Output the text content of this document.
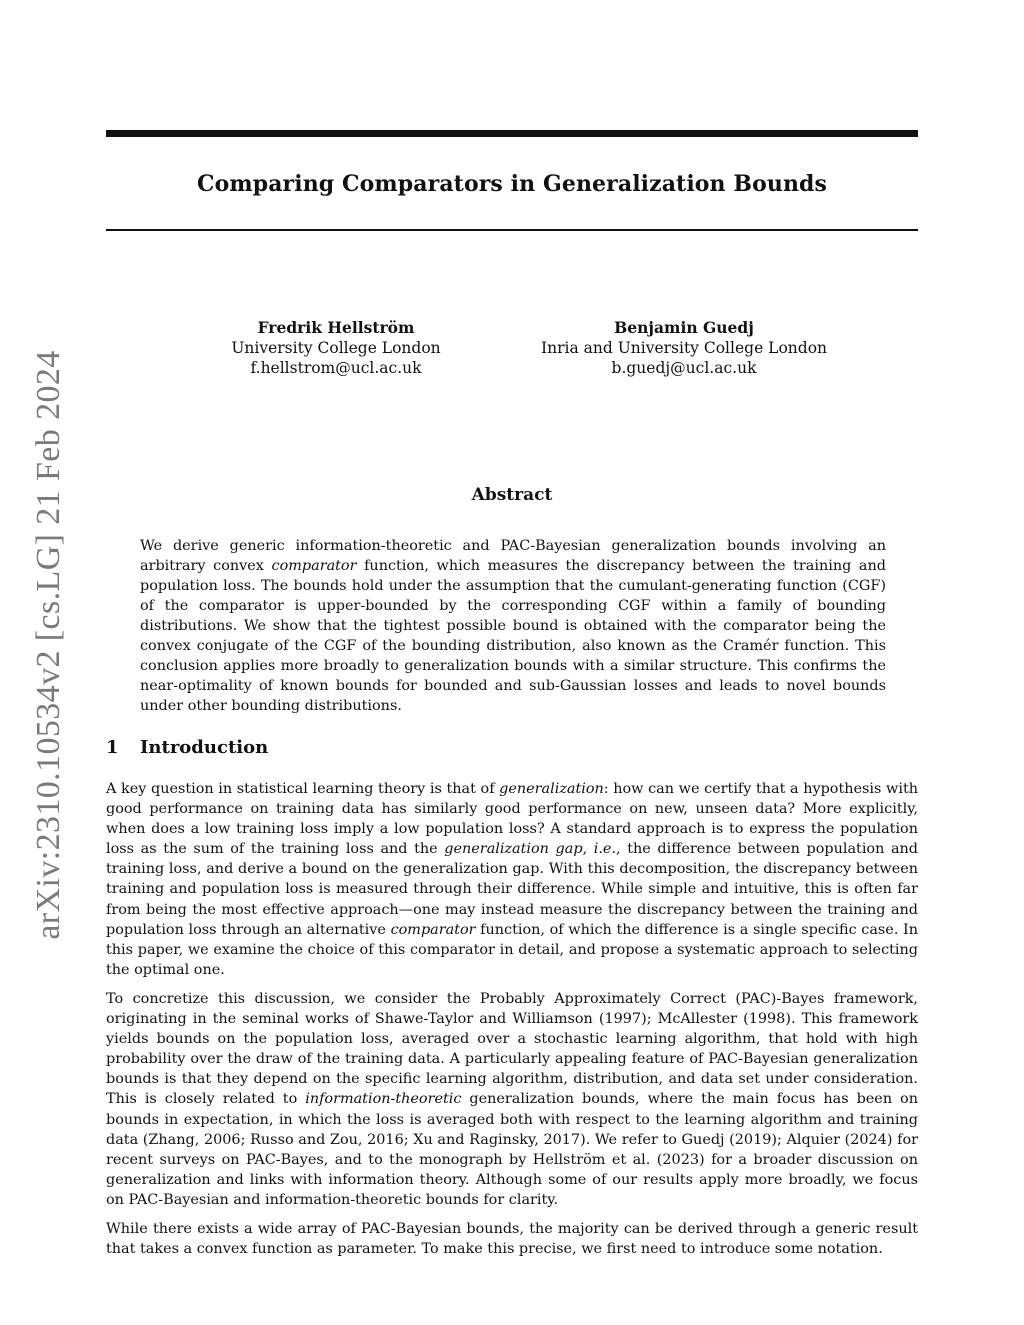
arXiv:2310.10534v2 [cs.LG] 21 Feb 2024
Comparing Comparators in Generalization Bounds
Fredrik Hellström
University College London
f.hellstrom@ucl.ac.uk
Benjamin Guedj
Inria and University College London
b.guedj@ucl.ac.uk
Abstract

We derive generic information-theoretic and PAC-Bayesian generalization bounds involving an arbitrary convex comparator function, which measures the discrepancy between the training and population loss. The bounds hold under the assumption that the cumulant-generating function (CGF) of the comparator is upper-bounded by the corresponding CGF within a family of bounding distributions. We show that the tightest possible bound is obtained with the comparator being the convex conjugate of the CGF of the bounding distribution, also known as the Cramér function. This conclusion applies more broadly to generalization bounds with a similar structure. This confirms the near-optimality of known bounds for bounded and sub-Gaussian losses and leads to novel bounds under other bounding distributions.

1 Introduction

A key question in statistical learning theory is that of generalization: how can we certify that a hypothesis with good performance on training data has similarly good performance on new, unseen data? More explicitly, when does a low training loss imply a low population loss? A standard approach is to express the population loss as the sum of the training loss and the generalization gap, i.e., the difference between population and training loss, and derive a bound on the generalization gap. With this decomposition, the discrepancy between training and population loss is measured through their difference. While simple and intuitive, this is often far from being the most effective approach—one may instead measure the discrepancy between the training and population loss through an alternative comparator function, of which the difference is a single specific case. In this paper, we examine the choice of this comparator in detail, and propose a systematic approach to selecting the optimal one.

To concretize this discussion, we consider the Probably Approximately Correct (PAC)-Bayes framework, originating in the seminal works of Shawe-Taylor and Williamson (1997); McAllester (1998). This framework yields bounds on the population loss, averaged over a stochastic learning algorithm, that hold with high probability over the draw of the training data. A particularly appealing feature of PAC-Bayesian generalization bounds is that they depend on the specific learning algorithm, distribution, and data set under consideration. This is closely related to information-theoretic generalization bounds, where the main focus has been on bounds in expectation, in which the loss is averaged both with respect to the learning algorithm and training data (Zhang, 2006; Russo and Zou, 2016; Xu and Raginsky, 2017). We refer to Guedj (2019); Alquier (2024) for recent surveys on PAC-Bayes, and to the monograph by Hellström et al. (2023) for a broader discussion on generalization and links with information theory. Although some of our results apply more broadly, we focus on PAC-Bayesian and information-theoretic bounds for clarity.

While there exists a wide array of PAC-Bayesian bounds, the majority can be derived through a generic result that takes a convex function as parameter. To make this precise, we first need to introduce some notation.
